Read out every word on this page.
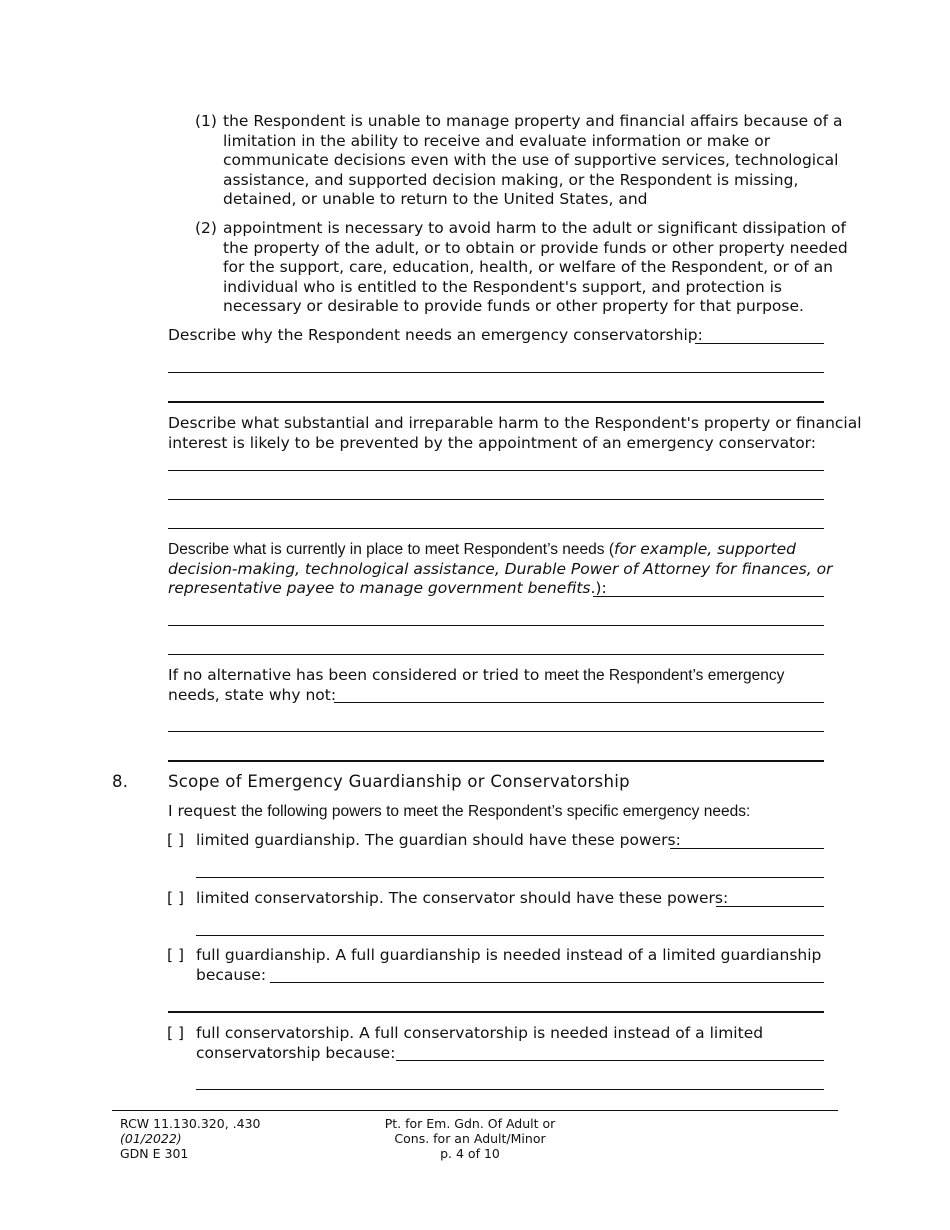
(1) the Respondent is unable to manage property and financial affairs because of a
limitation in the ability to receive and evaluate information or make or
communicate decisions even with the use of supportive services, technological
assistance, and supported decision making, or the Respondent is missing,
detained, or unable to return to the United States, and
(2) appointment is necessary to avoid harm to the adult or significant dissipation of
the property of the adult, or to obtain or provide funds or other property needed
for the support, care, education, health, or welfare of the Respondent, or of an
individual who is entitled to the Respondent's support, and protection is
necessary or desirable to provide funds or other property for that purpose.
Describe why the Respondent needs an emergency conservatorship:
Describe what substantial and irreparable harm to the Respondent's property or financial
interest is likely to be prevented by the appointment of an emergency conservator:
Describe what is currently in place to meet Respondent’s needs (for example, supported
decision-making, technological assistance, Durable Power of Attorney for finances, or
representative payee to manage government benefits.):
If no alternative has been considered or tried to meet the Respondent’s emergency
needs, state why not:
8. Scope of Emergency Guardianship or Conservatorship
I request the following powers to meet the Respondent’s specific emergency needs:
[ ] limited guardianship. The guardian should have these powers:
[ ] limited conservatorship. The conservator should have these powers:
[ ] full guardianship. A full guardianship is needed instead of a limited guardianship
because:
[ ] full conservatorship. A full conservatorship is needed instead of a limited
conservatorship because:
RCW 11.130.320, .430
(01/2022)
GDN E 301
Pt. for Em. Gdn. Of Adult or
Cons. for an Adult/Minor
p. 4 of 10
